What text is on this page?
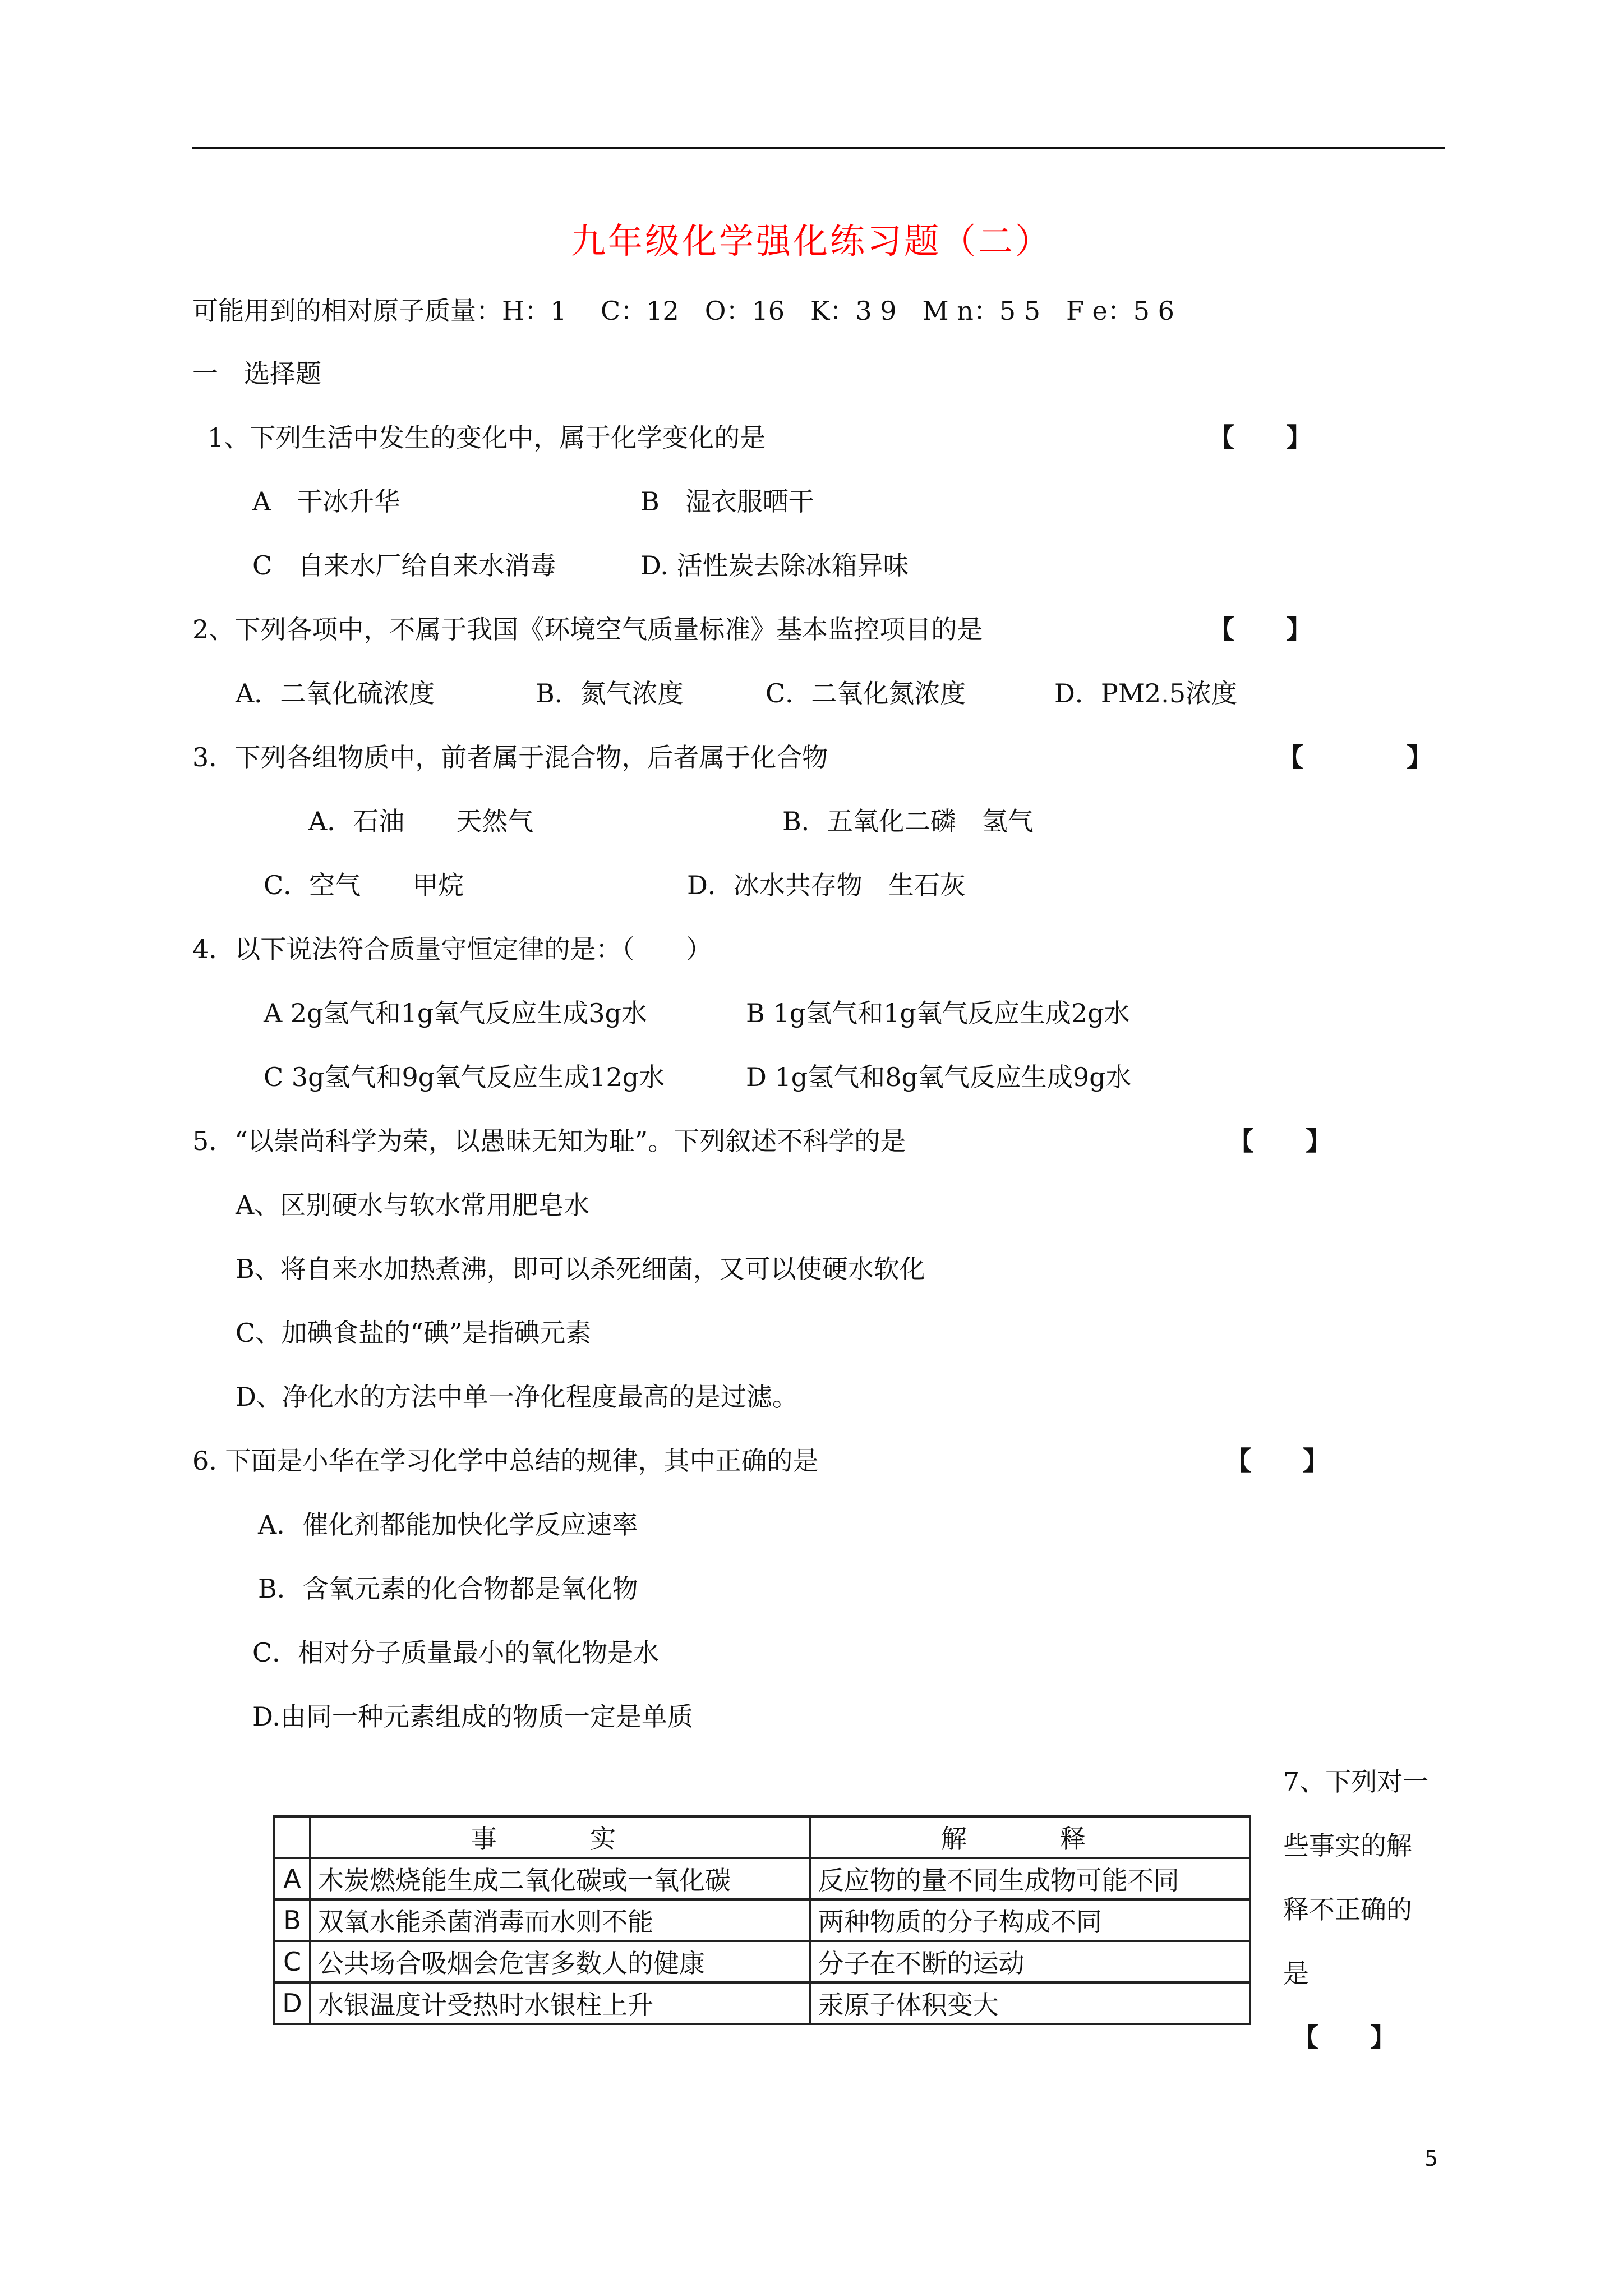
九年级化学强化练习题（二）
可能用到的相对原子质量：H：1　 C：12　O：16　K：3 9　M n：5 5　F e：5 6
一　选择题
1、下列生活中发生的变化中，属于化学变化的是	【　　】
A　干冰升华	B　湿衣服晒干
C　自来水厂给自来水消毒	D. 活性炭去除冰箱异味
2、下列各项中，不属于我国《环境空气质量标准》基本监控项目的是	【　　】
A．二氧化硫浓度	B．氮气浓度	C．二氧化氮浓度	D．PM2.5浓度
3．下列各组物质中，前者属于混合物，后者属于化合物	【　　　　】
A．石油　　天然气	B．五氧化二磷　氢气
C．空气　　甲烷	D．冰水共存物　生石灰
4．以下说法符合质量守恒定律的是：（　　）
A 2g氢气和1g氧气反应生成3g水	B 1g氢气和1g氧气反应生成2g水
C 3g氢气和9g氧气反应生成12g水	D 1g氢气和8g氧气反应生成9g水
5．“以崇尚科学为荣，以愚昧无知为耻”。下列叙述不科学的是	【　　】
A、区别硬水与软水常用肥皂水
B、将自来水加热煮沸，即可以杀死细菌，又可以使硬水软化
C、加碘食盐的“碘”是指碘元素
D、净化水的方法中单一净化程度最高的是过滤。
6. 下面是小华在学习化学中总结的规律，其中正确的是	【　　】
A．催化剂都能加快化学反应速率
B．含氧元素的化合物都是氧化物
C．相对分子质量最小的氧化物是水
D.由同一种元素组成的物质一定是单质
7、下列对一
些事实的解
释不正确的
是
【　　】
	事　实	解　释
A	木炭燃烧能生成二氧化碳或一氧化碳	反应物的量不同生成物可能不同
B	双氧水能杀菌消毒而水则不能	两种物质的分子构成不同
C	公共场合吸烟会危害多数人的健康	分子在不断的运动
D	水银温度计受热时水银柱上升	汞原子体积变大
5
